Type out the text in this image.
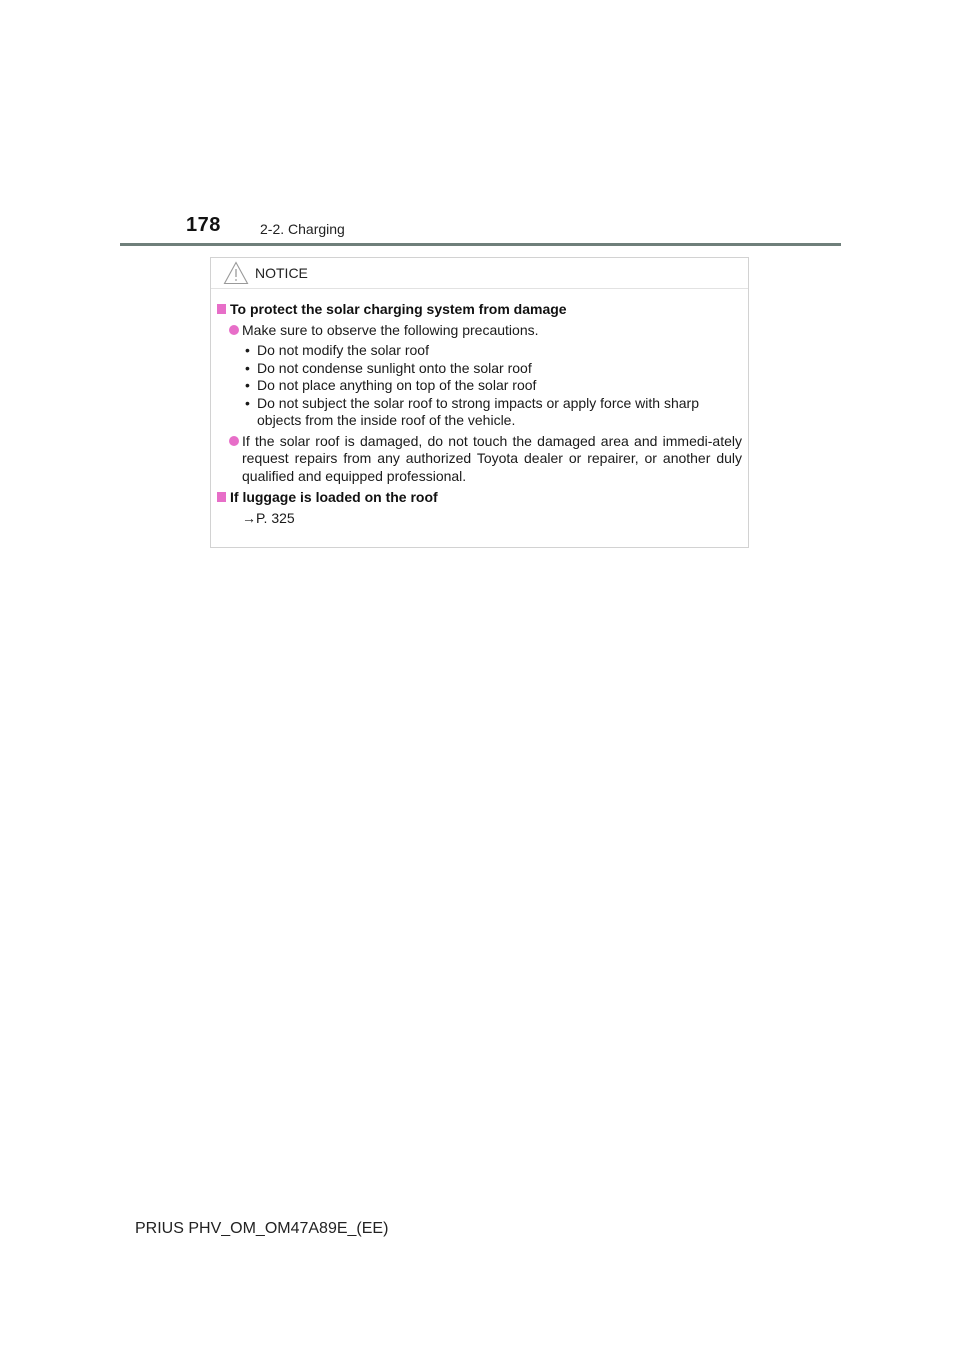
178	2-2. Charging
NOTICE
To protect the solar charging system from damage
Make sure to observe the following precautions.
• Do not modify the solar roof
• Do not condense sunlight onto the solar roof
• Do not place anything on top of the solar roof
• Do not subject the solar roof to strong impacts or apply force with sharp objects from the inside roof of the vehicle.
If the solar roof is damaged, do not touch the damaged area and immedi-ately request repairs from any authorized Toyota dealer or repairer, or another duly qualified and equipped professional.
If luggage is loaded on the roof
→P. 325
PRIUS PHV_OM_OM47A89E_(EE)
